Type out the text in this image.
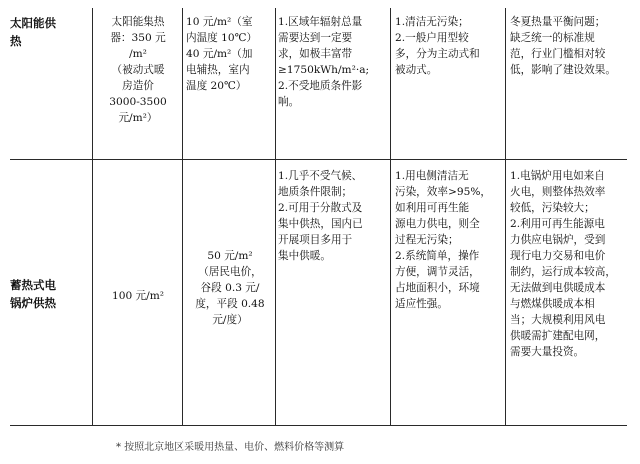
太阳能供
热
太阳能集热
器：350 元
/m²
（被动式暖
房造价
3000-3500
元/m²）
10 元/m²（室
内温度 10℃）
40 元/m²（加
电辅热，室内
温度 20℃）
1.区域年辐射总量
需要达到一定要
求，如极丰富带
≥1750kWh/m²·a;
2.不受地质条件影
响。
1.清洁无污染；
2.一般户用型较
多，分为主动式和
被动式。
冬夏热量平衡问题；
缺乏统一的标准规
范，行业门槛相对较
低，影响了建设效果。
蓄热式电
锅炉供热	100 元/m²
50 元/m²
（居民电价，
谷段 0.3 元/
度，平段 0.48
元/度）
1.几乎不受气候、
地质条件限制；
2.可用于分散式及
集中供热，国内已
开展项目多用于
集中供暖。
1.用电侧清洁无
污染，效率>95%，
如利用可再生能
源电力供电，则全
过程无污染；
2.系统简单，操作
方便，调节灵活，
占地面积小，环境
适应性强。
1.电锅炉用电如来自
火电，则整体热效率
较低，污染较大；
2.利用可再生能源电
力供应电锅炉，受到
现行电力交易和电价
制约，运行成本较高，
无法做到电供暖成本
与燃煤供暖成本相
当；大规模利用风电
供暖需扩建配电网，
需要大量投资。
* 按照北京地区采暖用热量、电价、燃料价格等测算
